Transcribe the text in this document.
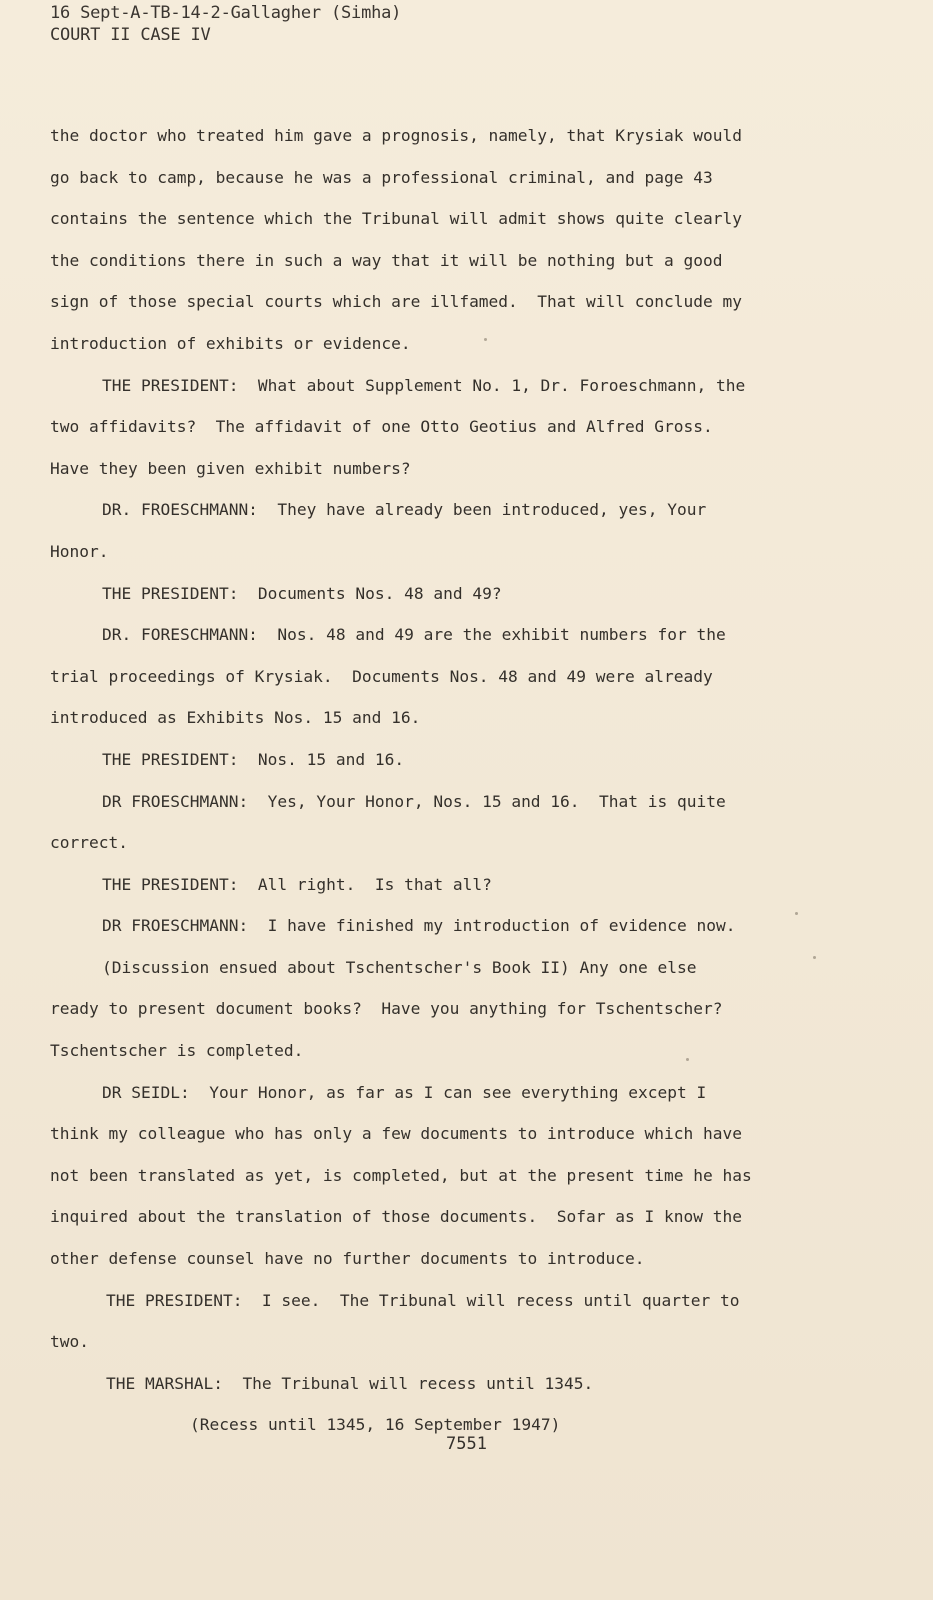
16 Sept-A-TB-14-2-Gallagher (Simha)
COURT II CASE IV

the doctor who treated him gave a prognosis, namely, that Krysiak would

go back to camp, because he was a professional criminal, and page 43

contains the sentence which the Tribunal will admit shows quite clearly

the conditions there in such a way that it will be nothing but a good

sign of those special courts which are illfamed.  That will conclude my

introduction of exhibits or evidence.

THE PRESIDENT:  What about Supplement No. 1, Dr. Foroeschmann, the

two affidavits?  The affidavit of one Otto Geotius and Alfred Gross.

Have they been given exhibit numbers?

DR. FROESCHMANN:  They have already been introduced, yes, Your

Honor.

THE PRESIDENT:  Documents Nos. 48 and 49?

DR. FORESCHMANN:  Nos. 48 and 49 are the exhibit numbers for the

trial proceedings of Krysiak.  Documents Nos. 48 and 49 were already

introduced as Exhibits Nos. 15 and 16.

THE PRESIDENT:  Nos. 15 and 16.

DR FROESCHMANN:  Yes, Your Honor, Nos. 15 and 16.  That is quite

correct.

THE PRESIDENT:  All right.  Is that all?

DR FROESCHMANN:  I have finished my introduction of evidence now.

(Discussion ensued about Tschentscher's Book II) Any one else

ready to present document books?  Have you anything for Tschentscher?

Tschentscher is completed.

DR SEIDL:  Your Honor, as far as I can see everything except I

think my colleague who has only a few documents to introduce which have

not been translated as yet, is completed, but at the present time he has

inquired about the translation of those documents.  Sofar as I know the

other defense counsel have no further documents to introduce.

THE PRESIDENT:  I see.  The Tribunal will recess until quarter to

two.

THE MARSHAL:  The Tribunal will recess until 1345.

(Recess until 1345, 16 September 1947)

7551
